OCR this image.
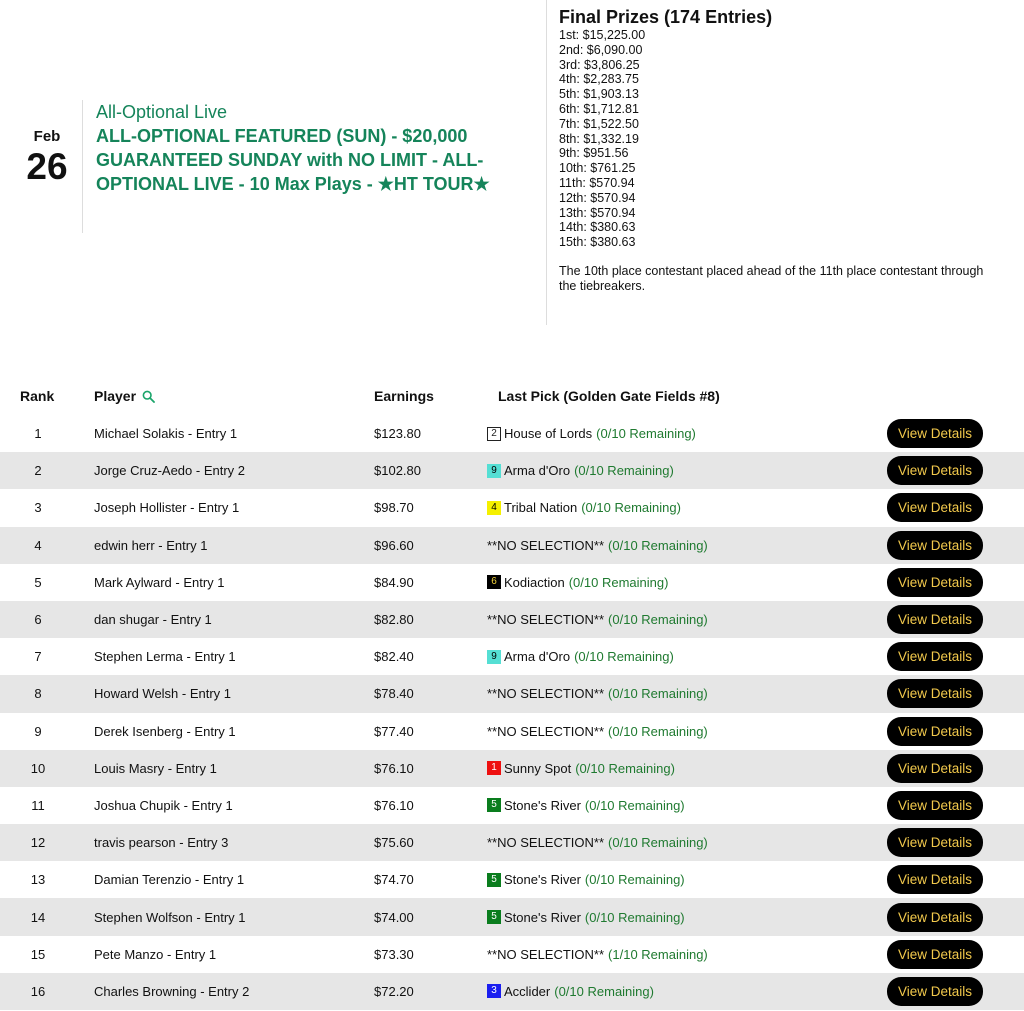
Feb
26
All-Optional Live
ALL-OPTIONAL FEATURED (SUN) - $20,000 GUARANTEED SUNDAY with NO LIMIT - ALL-OPTIONAL LIVE - 10 Max Plays - ★HT TOUR★
Final Prizes (174 Entries)
1st: $15,225.00
2nd: $6,090.00
3rd: $3,806.25
4th: $2,283.75
5th: $1,903.13
6th: $1,712.81
7th: $1,522.50
8th: $1,332.19
9th: $951.56
10th: $761.25
11th: $570.94
12th: $570.94
13th: $570.94
14th: $380.63
15th: $380.63
The 10th place contestant placed ahead of the 11th place contestant through the tiebreakers.
Rank	Player	Earnings	Last Pick (Golden Gate Fields #8)
1	Michael Solakis - Entry 1	$123.80	2 House of Lords (0/10 Remaining)	View Details
2	Jorge Cruz-Aedo - Entry 2	$102.80	9 Arma d'Oro (0/10 Remaining)	View Details
3	Joseph Hollister - Entry 1	$98.70	4 Tribal Nation (0/10 Remaining)	View Details
4	edwin herr - Entry 1	$96.60	**NO SELECTION** (0/10 Remaining)	View Details
5	Mark Aylward - Entry 1	$84.90	6 Kodiaction (0/10 Remaining)	View Details
6	dan shugar - Entry 1	$82.80	**NO SELECTION** (0/10 Remaining)	View Details
7	Stephen Lerma - Entry 1	$82.40	9 Arma d'Oro (0/10 Remaining)	View Details
8	Howard Welsh - Entry 1	$78.40	**NO SELECTION** (0/10 Remaining)	View Details
9	Derek Isenberg - Entry 1	$77.40	**NO SELECTION** (0/10 Remaining)	View Details
10	Louis Masry - Entry 1	$76.10	1 Sunny Spot (0/10 Remaining)	View Details
11	Joshua Chupik - Entry 1	$76.10	5 Stone's River (0/10 Remaining)	View Details
12	travis pearson - Entry 3	$75.60	**NO SELECTION** (0/10 Remaining)	View Details
13	Damian Terenzio - Entry 1	$74.70	5 Stone's River (0/10 Remaining)	View Details
14	Stephen Wolfson - Entry 1	$74.00	5 Stone's River (0/10 Remaining)	View Details
15	Pete Manzo - Entry 1	$73.30	**NO SELECTION** (1/10 Remaining)	View Details
16	Charles Browning - Entry 2	$72.20	3 Acclider (0/10 Remaining)	View Details
